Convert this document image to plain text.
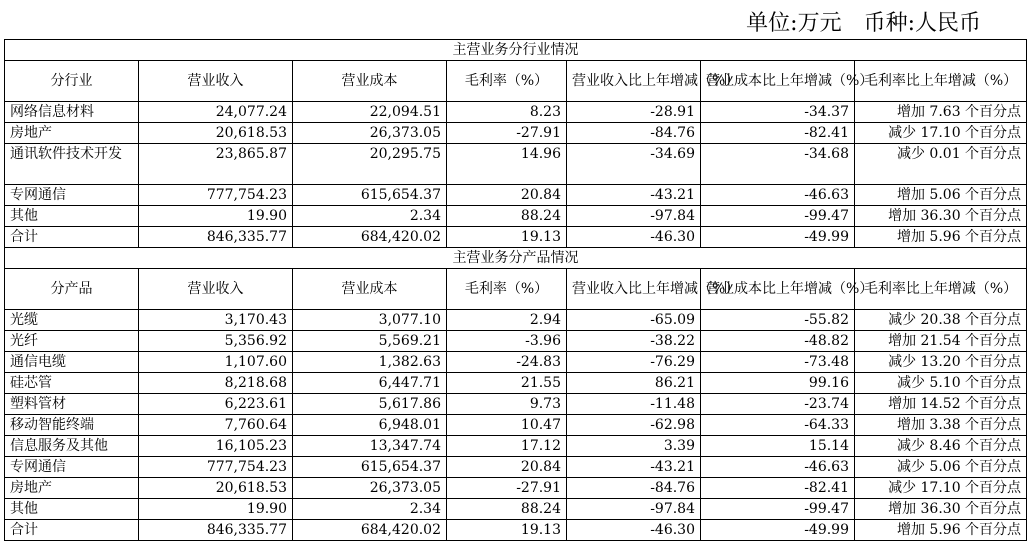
单位:万元 币种:人民币
主营业务分行业情况						
分行业	营业收入	营业成本	毛利率（%）	营业收入比上年增减（%）	营业成本比上年增减（%）	毛利率比上年增减（%）
网络信息材料	24,077.24	22,094.51	8.23	-28.91	-34.37	增加 7.63 个百分点
房地产	20,618.53	26,373.05	-27.91	-84.76	-82.41	减少 17.10 个百分点
通讯软件技术开发	23,865.87	20,295.75	14.96	-34.69	-34.68	减少 0.01 个百分点
专网通信	777,754.23	615,654.37	20.84	-43.21	-46.63	增加 5.06 个百分点
其他	19.90	2.34	88.24	-97.84	-99.47	增加 36.30 个百分点
合计	846,335.77	684,420.02	19.13	-46.30	-49.99	增加 5.96 个百分点
主营业务分产品情况						
分产品	营业收入	营业成本	毛利率（%）	营业收入比上年增减（%）	营业成本比上年增减（%）	毛利率比上年增减（%）
光缆	3,170.43	3,077.10	2.94	-65.09	-55.82	减少 20.38 个百分点
光纤	5,356.92	5,569.21	-3.96	-38.22	-48.82	增加 21.54 个百分点
通信电缆	1,107.60	1,382.63	-24.83	-76.29	-73.48	减少 13.20 个百分点
硅芯管	8,218.68	6,447.71	21.55	86.21	99.16	减少 5.10 个百分点
塑料管材	6,223.61	5,617.86	9.73	-11.48	-23.74	增加 14.52 个百分点
移动智能终端	7,760.64	6,948.01	10.47	-62.98	-64.33	增加 3.38 个百分点
信息服务及其他	16,105.23	13,347.74	17.12	3.39	15.14	减少 8.46 个百分点
专网通信	777,754.23	615,654.37	20.84	-43.21	-46.63	减少 5.06 个百分点
房地产	20,618.53	26,373.05	-27.91	-84.76	-82.41	减少 17.10 个百分点
其他	19.90	2.34	88.24	-97.84	-99.47	增加 36.30 个百分点
合计	846,335.77	684,420.02	19.13	-46.30	-49.99	增加 5.96 个百分点
